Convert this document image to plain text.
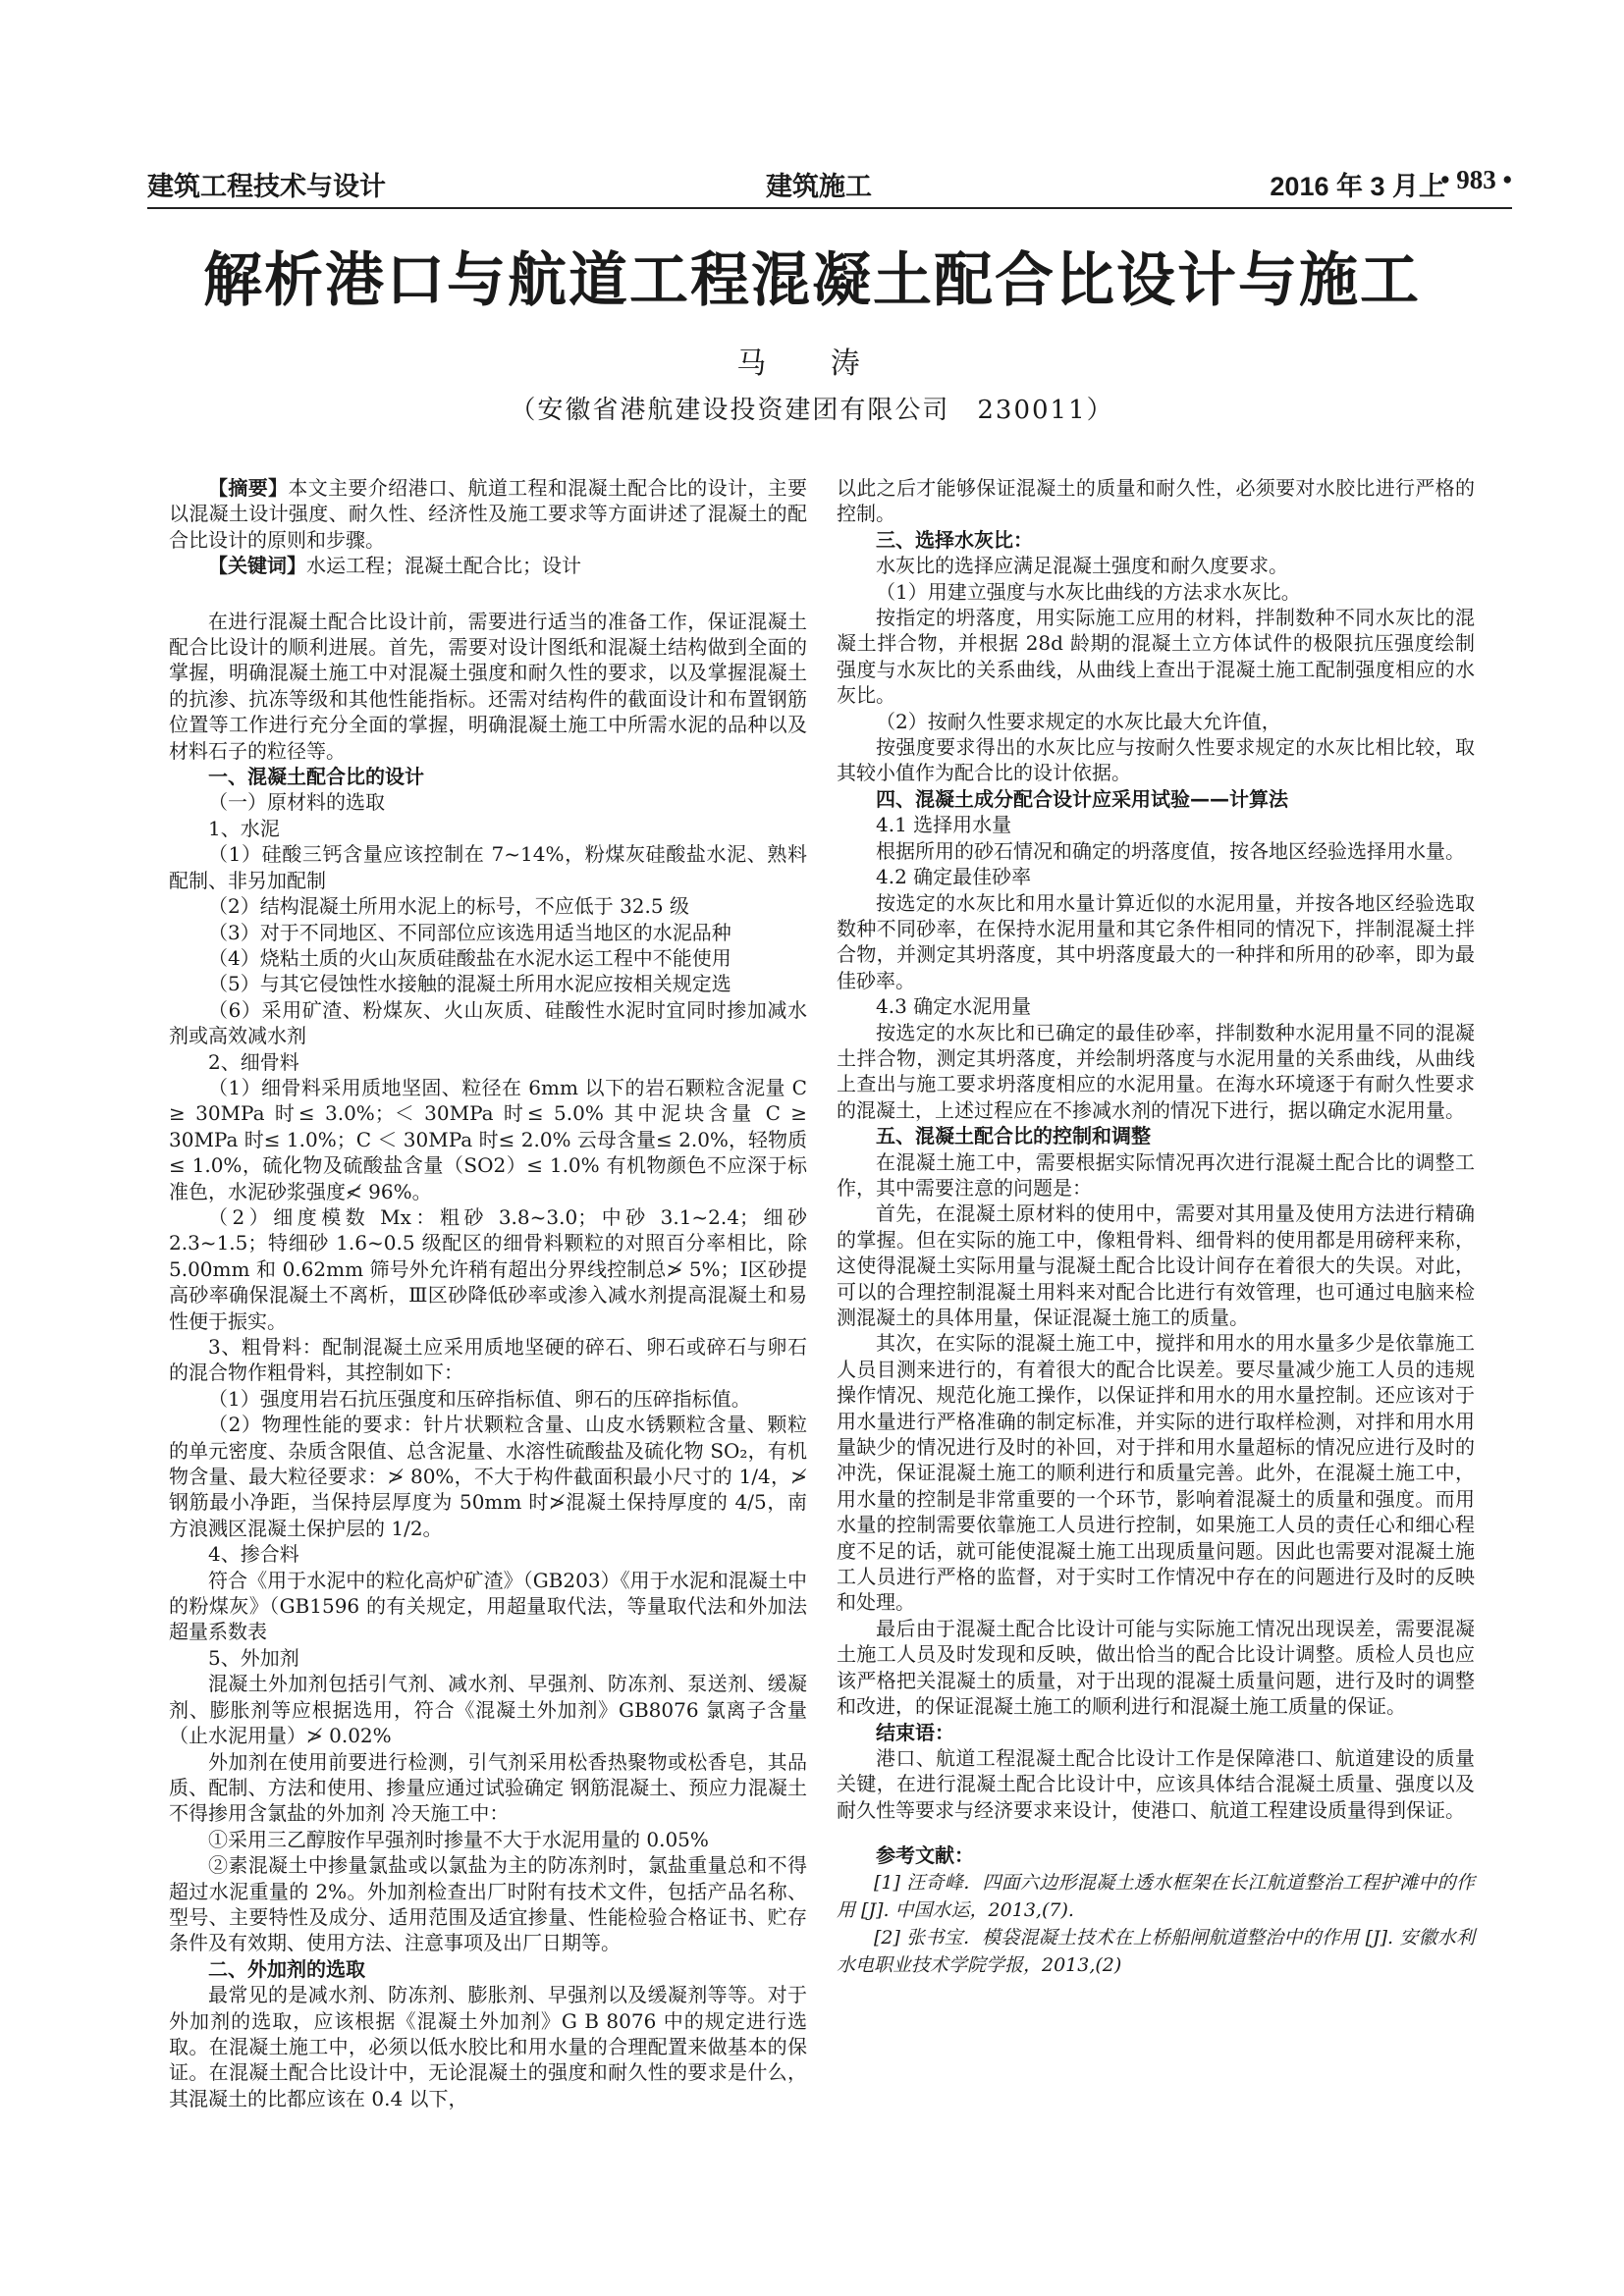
建筑工程技术与设计	建筑施工	2016 年 3 月上
• 983 •
解析港口与航道工程混凝土配合比设计与施工
马 涛
（安徽省港航建设投资建团有限公司　230011）

【摘要】本文主要介绍港口、航道工程和混凝土配合比的设计，主要以混凝土设计强度、耐久性、经济性及施工要求等方面讲述了混凝土的配合比设计的原则和步骤。

【关键词】水运工程；混凝土配合比；设计

在进行混凝土配合比设计前，需要进行适当的准备工作，保证混凝土配合比设计的顺利进展。首先，需要对设计图纸和混凝土结构做到全面的掌握，明确混凝土施工中对混凝土强度和耐久性的要求，以及掌握混凝土的抗渗、抗冻等级和其他性能指标。还需对结构件的截面设计和布置钢筋位置等工作进行充分全面的掌握，明确混凝土施工中所需水泥的品种以及材料石子的粒径等。

一、混凝土配合比的设计

（一）原材料的选取

1、水泥

（1）硅酸三钙含量应该控制在 7~14%，粉煤灰硅酸盐水泥、熟料配制、非另加配制

（2）结构混凝土所用水泥上的标号，不应低于 32.5 级

（3）对于不同地区、不同部位应该选用适当地区的水泥品种

（4）烧粘土质的火山灰质硅酸盐在水泥水运工程中不能使用

（5）与其它侵蚀性水接触的混凝土所用水泥应按相关规定选

（6）采用矿渣、粉煤灰、火山灰质、硅酸性水泥时宜同时掺加减水剂或高效减水剂

2、细骨料

（1）细骨料采用质地坚固、粒径在 6mm 以下的岩石颗粒含泥量 C ≥ 30MPa 时≤ 3.0%；＜ 30MPa 时≤ 5.0% 其中泥块含量 C ≥ 30MPa 时≤ 1.0%；C ＜ 30MPa 时≤ 2.0% 云母含量≤ 2.0%，轻物质≤ 1.0%，硫化物及硫酸盐含量（SO2）≤ 1.0% 有机物颜色不应深于标准色，水泥砂浆强度≮ 96%。

（2）细度模数 Mx：粗砂 3.8~3.0；中砂 3.1~2.4；细砂 2.3~1.5；特细砂 1.6~0.5 级配区的细骨料颗粒的对照百分率相比，除 5.00mm 和 0.62mm 筛号外允许稍有超出分界线控制总≯ 5%；Ⅰ区砂提高砂率确保混凝土不离析，Ⅲ区砂降低砂率或渗入减水剂提高混凝土和易性便于振实。

3、粗骨料：配制混凝土应采用质地坚硬的碎石、卵石或碎石与卵石的混合物作粗骨料，其控制如下：

（1）强度用岩石抗压强度和压碎指标值、卵石的压碎指标值。

（2）物理性能的要求：针片状颗粒含量、山皮水锈颗粒含量、颗粒的单元密度、杂质含限值、总含泥量、水溶性硫酸盐及硫化物 SO₂，有机物含量、最大粒径要求：≯ 80%，不大于构件截面积最小尺寸的 1/4，≯钢筋最小净距，当保持层厚度为 50mm 时≯混凝土保持厚度的 4/5，南方浪溅区混凝土保护层的 1/2。

4、掺合料

符合《用于水泥中的粒化高炉矿渣》（GB203）《用于水泥和混凝土中的粉煤灰》（GB1596 的有关规定，用超量取代法，等量取代法和外加法超量系数表

5、外加剂

混凝土外加剂包括引气剂、减水剂、早强剂、防冻剂、泵送剂、缓凝剂、膨胀剂等应根据选用，符合《混凝土外加剂》GB8076 氯离子含量（止水泥用量）≯ 0.02%

外加剂在使用前要进行检测，引气剂采用松香热聚物或松香皂，其品质、配制、方法和使用、掺量应通过试验确定 钢筋混凝土、预应力混凝土不得掺用含氯盐的外加剂 冷天施工中：

①采用三乙醇胺作早强剂时掺量不大于水泥用量的 0.05%

②素混凝土中掺量氯盐或以氯盐为主的防冻剂时，氯盐重量总和不得超过水泥重量的 2%。外加剂检查出厂时附有技术文件，包括产品名称、型号、主要特性及成分、适用范围及适宜掺量、性能检验合格证书、贮存条件及有效期、使用方法、注意事项及出厂日期等。

二、外加剂的选取

最常见的是减水剂、防冻剂、膨胀剂、早强剂以及缓凝剂等等。对于外加剂的选取，应该根据《混凝土外加剂》G B 8076 中的规定进行选取。在混凝土施工中，必须以低水胶比和用水量的合理配置来做基本的保证。在混凝土配合比设计中，无论混凝土的强度和耐久性的要求是什么，其混凝土的比都应该在 0.4 以下，

以此之后才能够保证混凝土的质量和耐久性，必须要对水胶比进行严格的控制。

三、选择水灰比：

水灰比的选择应满足混凝土强度和耐久度要求。

（1）用建立强度与水灰比曲线的方法求水灰比。

按指定的坍落度，用实际施工应用的材料，拌制数种不同水灰比的混凝土拌合物，并根据 28d 龄期的混凝土立方体试件的极限抗压强度绘制强度与水灰比的关系曲线，从曲线上查出于混凝土施工配制强度相应的水灰比。

（2）按耐久性要求规定的水灰比最大允许值，

按强度要求得出的水灰比应与按耐久性要求规定的水灰比相比较，取其较小值作为配合比的设计依据。

四、混凝土成分配合设计应采用试验——计算法

4.1 选择用水量

根据所用的砂石情况和确定的坍落度值，按各地区经验选择用水量。

4.2 确定最佳砂率

按选定的水灰比和用水量计算近似的水泥用量，并按各地区经验选取数种不同砂率，在保持水泥用量和其它条件相同的情况下，拌制混凝土拌合物，并测定其坍落度，其中坍落度最大的一种拌和所用的砂率，即为最佳砂率。

4.3 确定水泥用量

按选定的水灰比和已确定的最佳砂率，拌制数种水泥用量不同的混凝土拌合物，测定其坍落度，并绘制坍落度与水泥用量的关系曲线，从曲线上查出与施工要求坍落度相应的水泥用量。在海水环境逐于有耐久性要求的混凝土，上述过程应在不掺减水剂的情况下进行，据以确定水泥用量。

五、混凝土配合比的控制和调整

在混凝土施工中，需要根据实际情况再次进行混凝土配合比的调整工作，其中需要注意的问题是：

首先，在混凝土原材料的使用中，需要对其用量及使用方法进行精确的掌握。但在实际的施工中，像粗骨料、细骨料的使用都是用磅秤来称，这使得混凝土实际用量与混凝土配合比设计间存在着很大的失误。对此，可以的合理控制混凝土用料来对配合比进行有效管理，也可通过电脑来检测混凝土的具体用量，保证混凝土施工的质量。

其次，在实际的混凝土施工中，搅拌和用水的用水量多少是依靠施工人员目测来进行的，有着很大的配合比误差。要尽量减少施工人员的违规操作情况、规范化施工操作，以保证拌和用水的用水量控制。还应该对于用水量进行严格准确的制定标准，并实际的进行取样检测，对拌和用水用量缺少的情况进行及时的补回，对于拌和用水量超标的情况应进行及时的冲洗，保证混凝土施工的顺利进行和质量完善。此外，在混凝土施工中，用水量的控制是非常重要的一个环节，影响着混凝土的质量和强度。而用水量的控制需要依靠施工人员进行控制，如果施工人员的责任心和细心程度不足的话，就可能使混凝土施工出现质量问题。因此也需要对混凝土施工人员进行严格的监督，对于实时工作情况中存在的问题进行及时的反映和处理。

最后由于混凝土配合比设计可能与实际施工情况出现误差，需要混凝土施工人员及时发现和反映，做出恰当的配合比设计调整。质检人员也应该严格把关混凝土的质量，对于出现的混凝土质量问题，进行及时的调整和改进，的保证混凝土施工的顺利进行和混凝土施工质量的保证。

结束语：

港口、航道工程混凝土配合比设计工作是保障港口、航道建设的质量关键，在进行混凝土配合比设计中，应该具体结合混凝土质量、强度以及耐久性等要求与经济要求来设计，使港口、航道工程建设质量得到保证。

参考文献：

[1] 汪奇峰．四面六边形混凝土透水框架在长江航道整治工程护滩中的作用 [J]. 中国水运，2013,(7).

[2] 张书宝．模袋混凝土技术在上桥船闸航道整治中的作用 [J]. 安徽水利水电职业技术学院学报，2013,(2)
